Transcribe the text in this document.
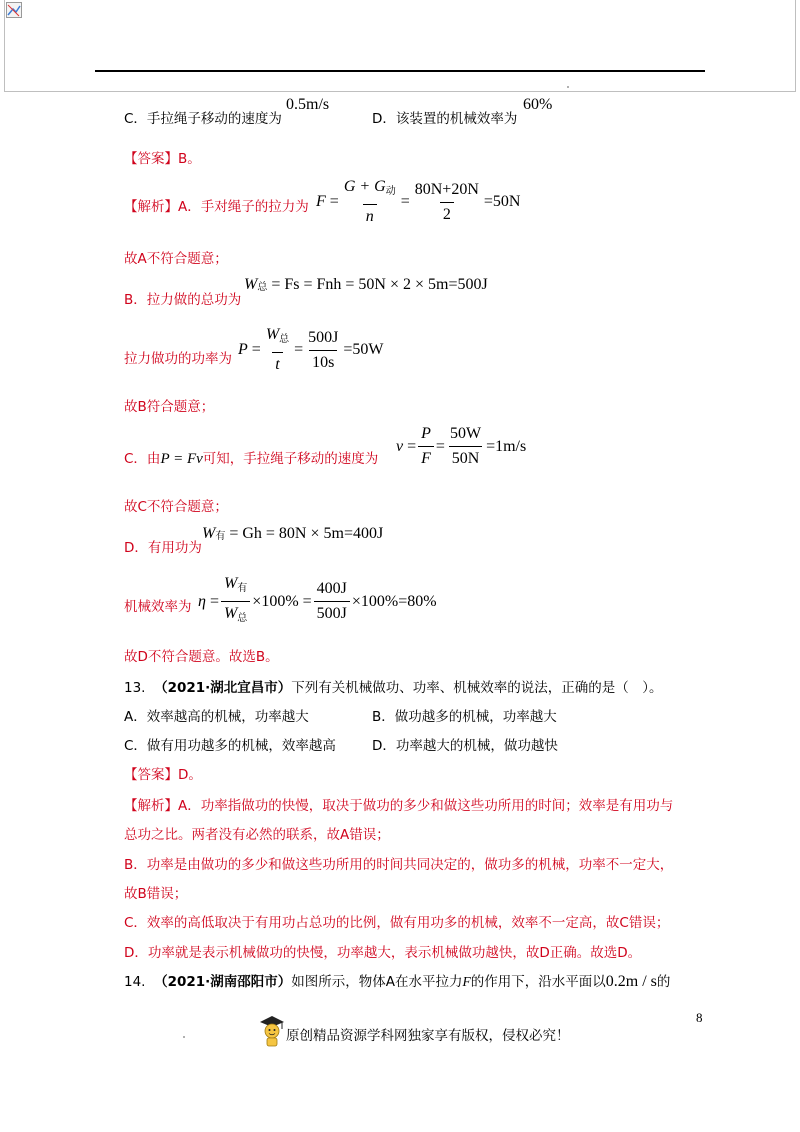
C．手拉绳子移动的速度为
0.5m/s
D．该装置的机械效率为
60%
【答案】B。
【解析】A．手对绳子的拉力为 $F = \frac{G + G_动}{n} = \frac{80N+20N}{2} =50N$
故A不符合题意；
B．拉力做的总功为
W 总
= Fs = Fnh = 50N × 2 × 5m=500J
拉力做功的功率为
$P = \frac{W_总}{t} = \frac{500J}{10s} =50W$
故B符合题意；
C．由P = Fv可知，手拉绳子移动的速度为
$v = \frac{P}{F} = \frac{50W}{50N} =1m/s$
故C不符合题意；
D．有用功为
W 有
= Gh = 80N × 5m=400J
机械效率为 $\eta = \frac{W_有}{W_总} \times 100\% = \frac{400J}{500J} \times 100\%=80\%$
故D不符合题意。故选B。
13. （2021·湖北宜昌市）下列有关机械做功、功率、机械效率的说法，正确的是（　）。
A．效率越高的机械，功率越大	B．做功越多的机械，功率越大
C．做有用功越多的机械，效率越高	D．功率越大的机械，做功越快
【答案】D。
【解析】A．功率指做功的快慢，取决于做功的多少和做这些功所用的时间；效率是有用功与
总功之比。两者没有必然的联系，故A错误；
B．功率是由做功的多少和做这些功所用的时间共同决定的，做功多的机械，功率不一定大，
故B错误；
C．效率的高低取决于有用功占总功的比例，做有用功多的机械，效率不一定高，故C错误；
D．功率就是表示机械做功的快慢，功率越大，表示机械做功越快，故D正确。故选D。
14. （2021·湖南邵阳市）如图所示，物体A在水平拉力F的作用下，沿水平面以0.2m / s的
8
原创精品资源学科网独家享有版权，侵权必究！
